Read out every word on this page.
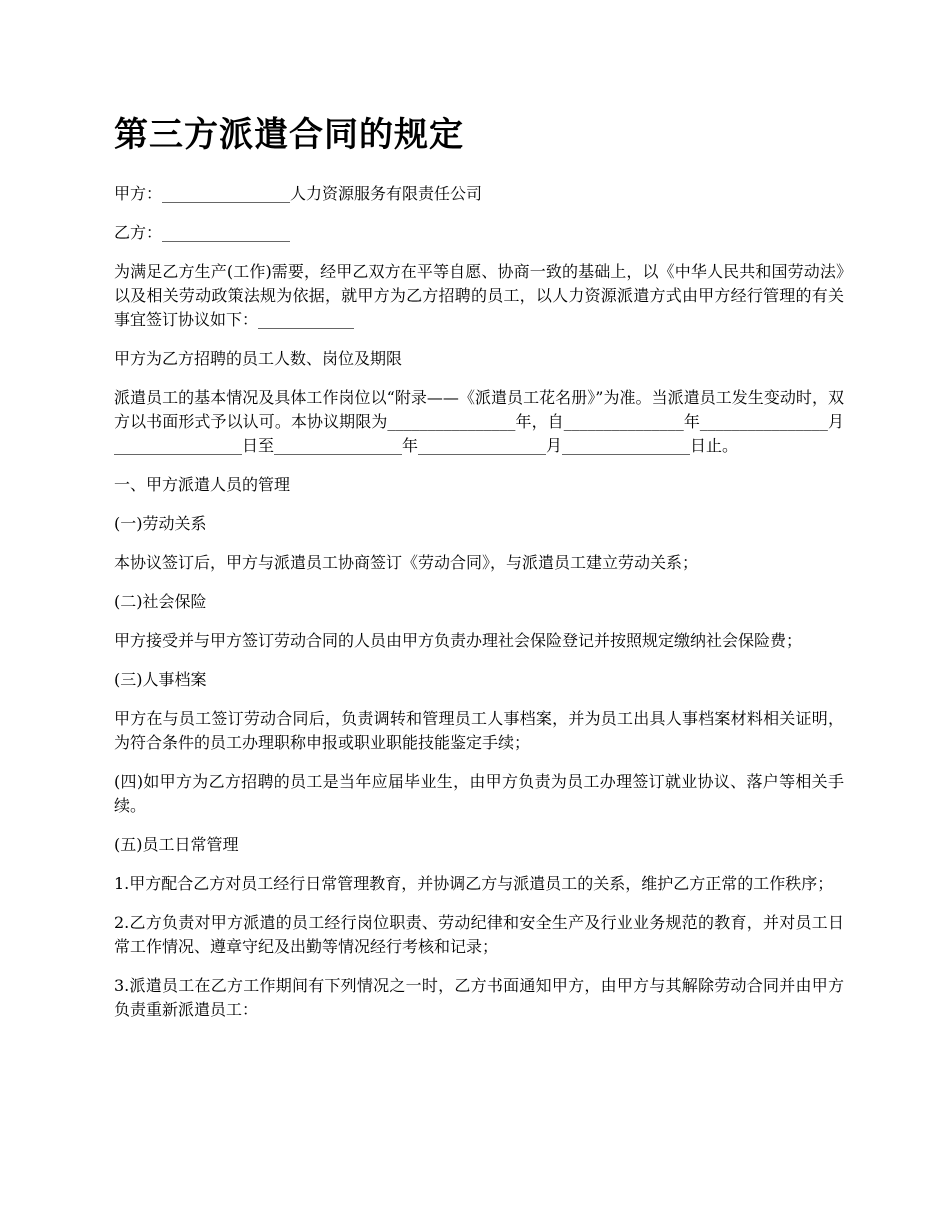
第三方派遣合同的规定

甲方：________________人力资源服务有限责任公司

乙方：________________

为满足乙方生产(工作)需要，经甲乙双方在平等自愿、协商一致的基础上，以《中华人民共和国劳动法》以及相关劳动政策法规为依据，就甲方为乙方招聘的员工，以人力资源派遣方式由甲方经行管理的有关事宜签订协议如下：____________

甲方为乙方招聘的员工人数、岗位及期限

派遣员工的基本情况及具体工作岗位以“附录——《派遣员工花名册》”为准。当派遣员工发生变动时，双方以书面形式予以认可。本协议期限为________________年，自_______________年________________月________________日至________________年________________月________________日止。

一、甲方派遣人员的管理

(一)劳动关系

本协议签订后，甲方与派遣员工协商签订《劳动合同》，与派遣员工建立劳动关系；

(二)社会保险

甲方接受并与甲方签订劳动合同的人员由甲方负责办理社会保险登记并按照规定缴纳社会保险费；

(三)人事档案

甲方在与员工签订劳动合同后，负责调转和管理员工人事档案，并为员工出具人事档案材料相关证明，为符合条件的员工办理职称申报或职业职能技能鉴定手续；

(四)如甲方为乙方招聘的员工是当年应届毕业生，由甲方负责为员工办理签订就业协议、落户等相关手续。

(五)员工日常管理

1.甲方配合乙方对员工经行日常管理教育，并协调乙方与派遣员工的关系，维护乙方正常的工作秩序；

2.乙方负责对甲方派遣的员工经行岗位职责、劳动纪律和安全生产及行业业务规范的教育，并对员工日常工作情况、遵章守纪及出勤等情况经行考核和记录；

3.派遣员工在乙方工作期间有下列情况之一时，乙方书面通知甲方，由甲方与其解除劳动合同并由甲方负责重新派遣员工：
